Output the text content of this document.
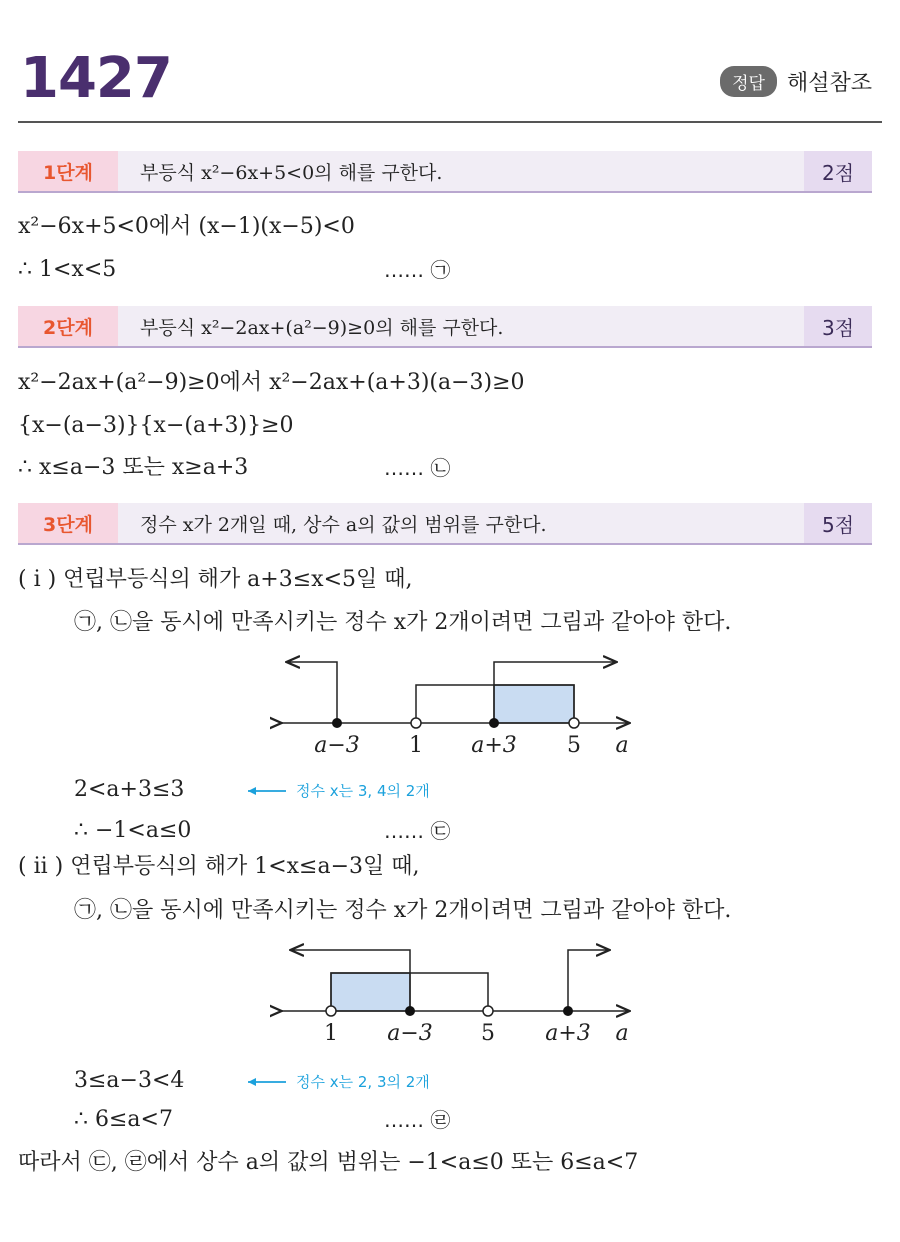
1427	정답	해설참조
1단계	부등식 x²−6x+5<0의 해를 구한다.	2점
x²−6x+5<0에서 (x−1)(x−5)<0
∴ 1<x<5	…… ㉠
2단계	부등식 x²−2ax+(a²−9)≥0의 해를 구한다.	3점
x²−2ax+(a²−9)≥0에서 x²−2ax+(a+3)(a−3)≥0
{x−(a−3)}{x−(a+3)}≥0
∴ x≤a−3 또는 x≥a+3	…… ㉡
3단계	정수 x가 2개일 때, 상수 a의 값의 범위를 구한다.	5점
( i ) 연립부등식의 해가 a+3≤x<5일 때,
㉠, ㉡을 동시에 만족시키는 정수 x가 2개이려면 그림과 같아야 한다.
a−3 1 a+3 5 a
2<a+3≤3	정수 x는 3, 4의 2개
∴ −1<a≤0	…… ㉢
( ii ) 연립부등식의 해가 1<x≤a−3일 때,
㉠, ㉡을 동시에 만족시키는 정수 x가 2개이려면 그림과 같아야 한다.
1 a−3 5 a+3 a
3≤a−3<4	정수 x는 2, 3의 2개
∴ 6≤a<7	…… ㉣
따라서 ㉢, ㉣에서 상수 a의 값의 범위는 −1<a≤0 또는 6≤a<7
